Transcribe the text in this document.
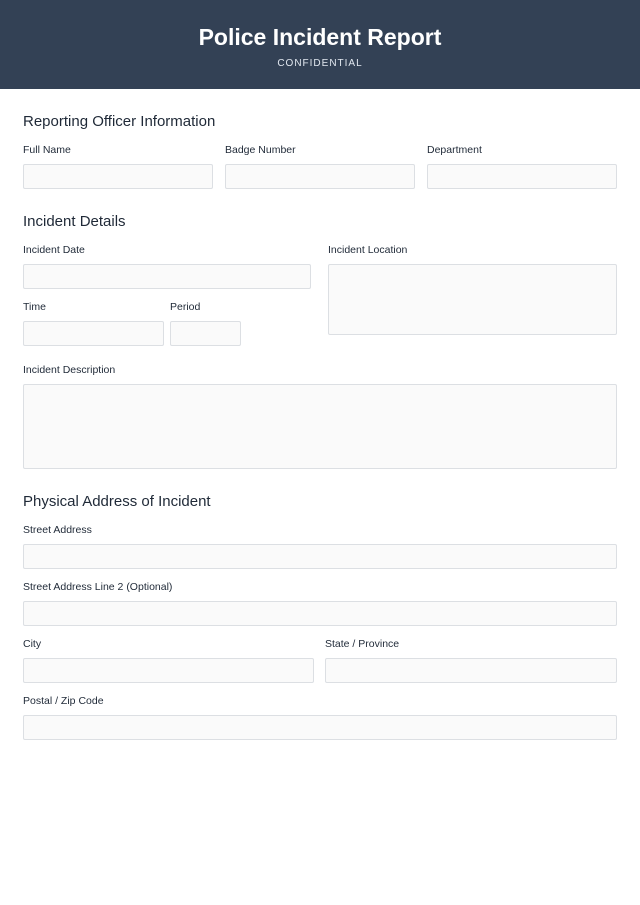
Police Incident Report
CONFIDENTIAL
Reporting Officer Information
Full Name	Badge Number	Department
Incident Details
Incident Date	Incident Location
Time	Period
Incident Description
Physical Address of Incident
Street Address
Street Address Line 2 (Optional)
City	State / Province
Postal / Zip Code
